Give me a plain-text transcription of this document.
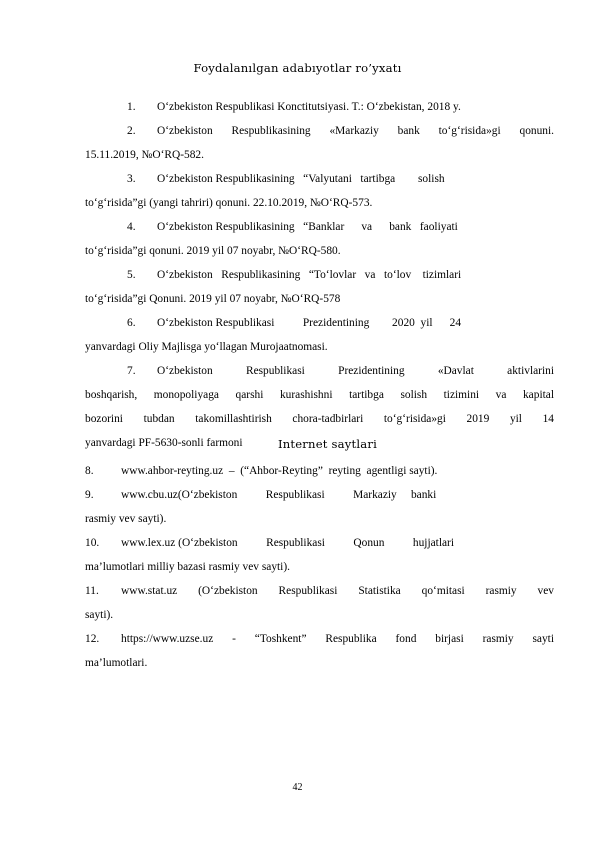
Foydalanılgan adabıyotlar ro’yxatı
1. O‘zbekiston Respublikasi Konctitutsiyasi. T.: O‘zbekistan, 2018 y.
2. O‘zbekiston Respublikasining «Markaziy bank to‘g‘risida»gi qonuni.
15.11.2019, №O‘RQ-582.
3. O‘zbekiston Respublikasining   “Valyutani   tartibga        solish
to‘g‘risida”gi (yangi tahriri) qonuni. 22.10.2019, №O‘RQ-573.
4. O‘zbekiston Respublikasining   “Banklar      va      bank   faoliyati
to‘g‘risida”gi qonuni. 2019 yil 07 noyabr, №O‘RQ-580.
5. O‘zbekiston   Respublikasining   “To‘lovlar   va   to‘lov    tizimlari
to‘g‘risida”gi Qonuni. 2019 yil 07 noyabr, №O‘RQ-578
6. O‘zbekiston Respublikasi          Prezidentining        2020  yil      24
yanvardagi Oliy Majlisga yo‘llagan Murojaatnomasi.
7. O‘zbekiston Respublikasi Prezidentining «Davlat aktivlarini
boshqarish, monopoliyaga qarshi kurashishni tartibga solish tizimini va kapital
bozorini tubdan takomillashtirish chora-tadbirlari to‘g‘risida»gi 2019 yil 14
yanvardagi PF-5630-sonli farmoni	Internet saytlari
8. www.ahbor-reyting.uz  –  (“Ahbor-Reyting”  reyting  agentligi sayti).
9. www.cbu.uz(O‘zbekiston          Respublikasi          Markaziy     banki
rasmiy vev sayti).
10. www.lex.uz (O‘zbekiston          Respublikasi          Qonun          hujjatlari
ma’lumotlari milliy bazasi rasmiy vev sayti).
11. www.stat.uz (O‘zbekiston Respublikasi Statistika qo‘mitasi rasmiy vev
sayti).
12. https://www.uzse.uz - “Toshkent” Respublika fond birjasi rasmiy sayti
ma’lumotlari.
42
